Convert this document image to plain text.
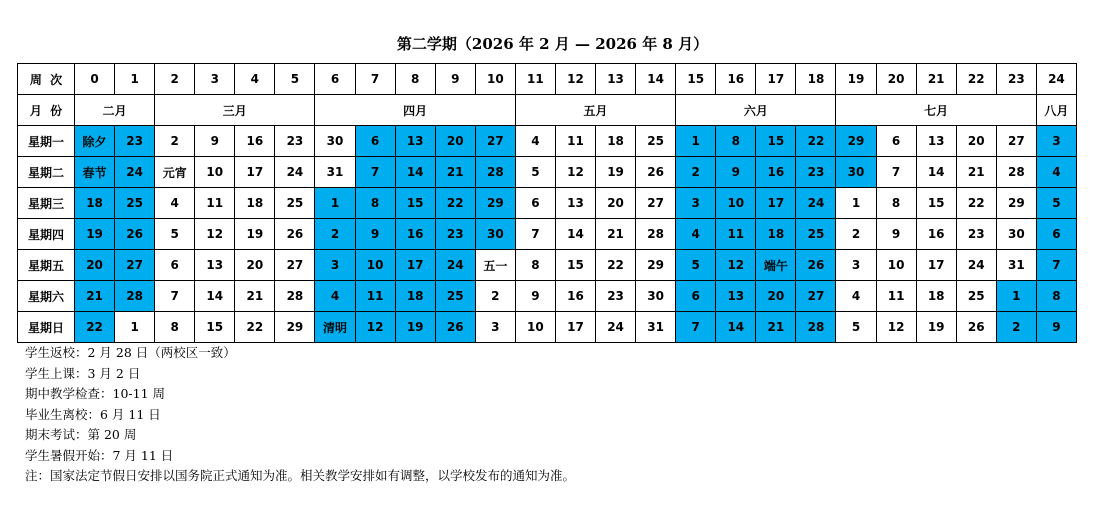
第二学期（2026 年 2 月 — 2026 年 8 月）
周  次	0	1	2	3	4	5	6	7	8	9	10	11	12	13	14	15	16	17	18	19	20	21	22	23	24
月  份	二月		三月				四月					五月				六月				七月					八月
星期一	除夕	23	2	9	16	23	30	6	13	20	27	4	11	18	25	1	8	15	22	29	6	13	20	27	3
星期二	春节	24	元宵	10	17	24	31	7	14	21	28	5	12	19	26	2	9	16	23	30	7	14	21	28	4
星期三	18	25	4	11	18	25	1	8	15	22	29	6	13	20	27	3	10	17	24	1	8	15	22	29	5
星期四	19	26	5	12	19	26	2	9	16	23	30	7	14	21	28	4	11	18	25	2	9	16	23	30	6
星期五	20	27	6	13	20	27	3	10	17	24	五一	8	15	22	29	5	12	端午	26	3	10	17	24	31	7
星期六	21	28	7	14	21	28	4	11	18	25	2	9	16	23	30	6	13	20	27	4	11	18	25	1	8
星期日	22	1	8	15	22	29	清明	12	19	26	3	10	17	24	31	7	14	21	28	5	12	19	26	2	9
学生返校：2 月 28 日（两校区一致）
学生上课：3 月 2 日
期中教学检查：10-11 周
毕业生离校：6 月 11 日
期末考试：第 20 周
学生暑假开始：7 月 11 日
注：国家法定节假日安排以国务院正式通知为准。相关教学安排如有调整，以学校发布的通知为准。
